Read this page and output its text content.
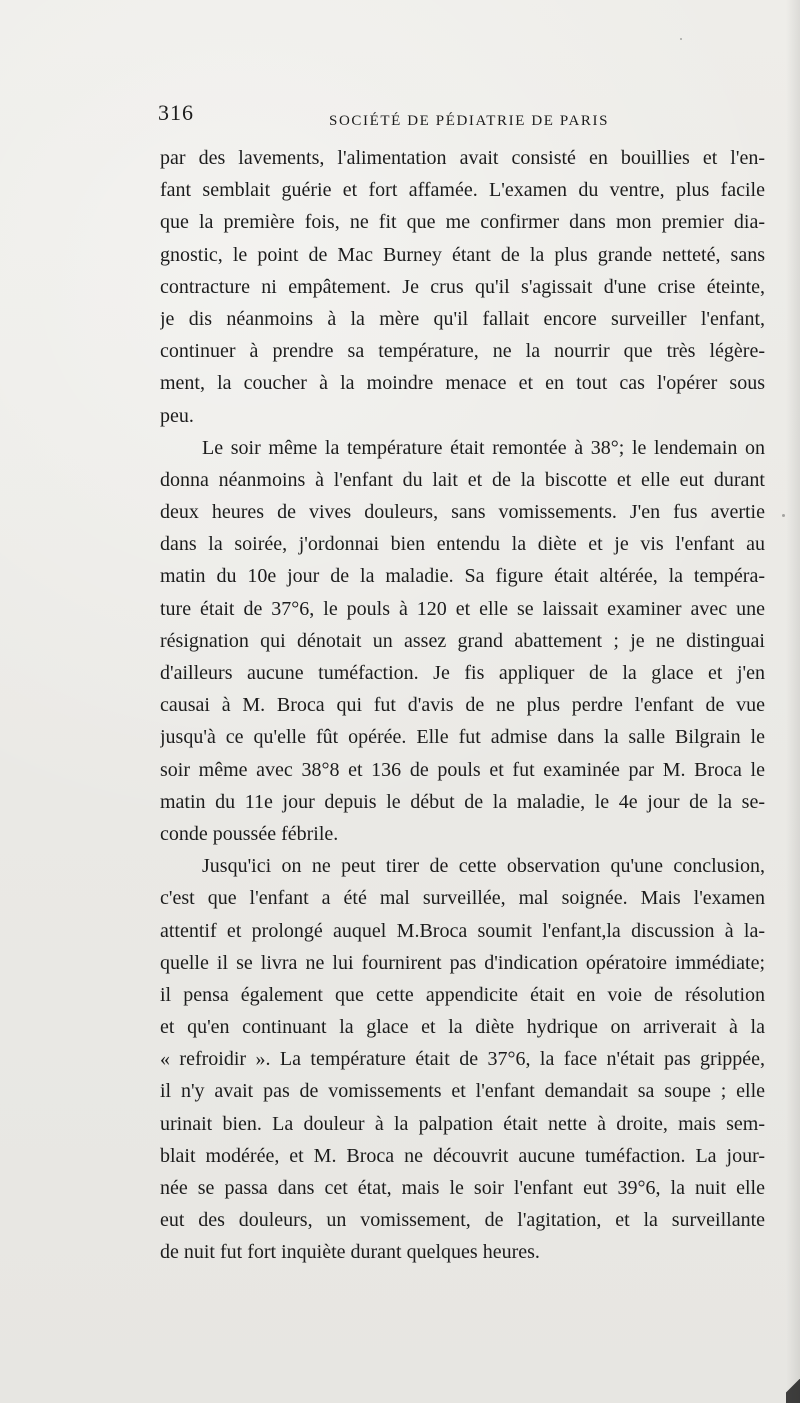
316	SOCIÉTÉ DE PÉDIATRIE DE PARIS
par des lavements, l'alimentation avait consisté en bouillies et l'en-
fant semblait guérie et fort affamée. L'examen du ventre, plus facile
que la première fois, ne fit que me confirmer dans mon premier dia-
gnostic, le point de Mac Burney étant de la plus grande netteté, sans
contracture ni empâtement. Je crus qu'il s'agissait d'une crise éteinte,
je dis néanmoins à la mère qu'il fallait encore surveiller l'enfant,
continuer à prendre sa température, ne la nourrir que très légère-
ment, la coucher à la moindre menace et en tout cas l'opérer sous
peu.
Le soir même la température était remontée à 38°; le lendemain on
donna néanmoins à l'enfant du lait et de la biscotte et elle eut durant
deux heures de vives douleurs, sans vomissements. J'en fus avertie
dans la soirée, j'ordonnai bien entendu la diète et je vis l'enfant au
matin du 10e jour de la maladie. Sa figure était altérée, la tempéra-
ture était de 37°6, le pouls à 120 et elle se laissait examiner avec une
résignation qui dénotait un assez grand abattement ; je ne distinguai
d'ailleurs aucune tuméfaction. Je fis appliquer de la glace et j'en
causai à M. Broca qui fut d'avis de ne plus perdre l'enfant de vue
jusqu'à ce qu'elle fût opérée. Elle fut admise dans la salle Bilgrain le
soir même avec 38°8 et 136 de pouls et fut examinée par M. Broca le
matin du 11e jour depuis le début de la maladie, le 4e jour de la se-
conde poussée fébrile.
Jusqu'ici on ne peut tirer de cette observation qu'une conclusion,
c'est que l'enfant a été mal surveillée, mal soignée. Mais l'examen
attentif et prolongé auquel M.Broca soumit l'enfant,la discussion à la-
quelle il se livra ne lui fournirent pas d'indication opératoire immédiate;
il pensa également que cette appendicite était en voie de résolution
et qu'en continuant la glace et la diète hydrique on arriverait à la
« refroidir ». La température était de 37°6, la face n'était pas grippée,
il n'y avait pas de vomissements et l'enfant demandait sa soupe ; elle
urinait bien. La douleur à la palpation était nette à droite, mais sem-
blait modérée, et M. Broca ne découvrit aucune tuméfaction. La jour-
née se passa dans cet état, mais le soir l'enfant eut 39°6, la nuit elle
eut des douleurs, un vomissement, de l'agitation, et la surveillante
de nuit fut fort inquiète durant quelques heures.
